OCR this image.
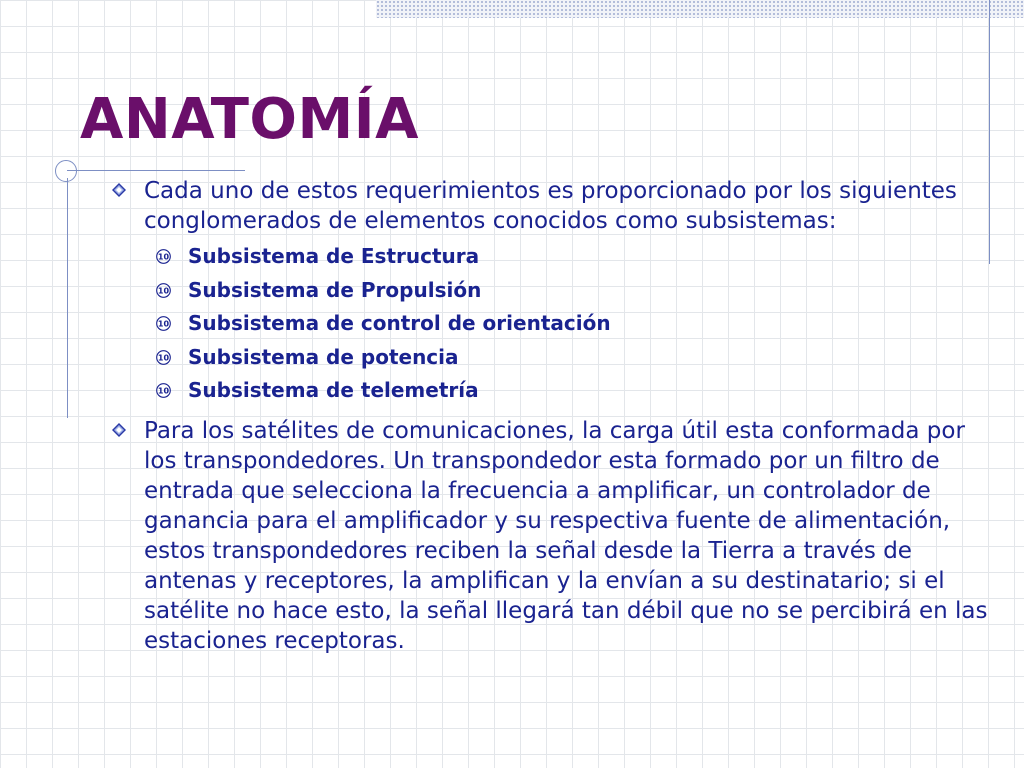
ANATOMÍA
Cada uno de estos requerimientos es proporcionado por los siguientes conglomerados de elementos conocidos como subsistemas:
10 Subsistema de Estructura
10 Subsistema de Propulsión
10 Subsistema de control de orientación
10 Subsistema de potencia
10 Subsistema de telemetría
Para los satélites de comunicaciones, la carga útil esta conformada por los transpondedores. Un transpondedor esta formado por un filtro de entrada que selecciona la frecuencia a amplificar, un controlador de ganancia para el amplificador y su respectiva fuente de alimentación, estos transpondedores reciben la señal desde la Tierra a través de antenas y receptores, la amplifican y la envían a su destinatario; si el satélite no hace esto, la señal llegará tan débil que no se percibirá en las estaciones receptoras.
